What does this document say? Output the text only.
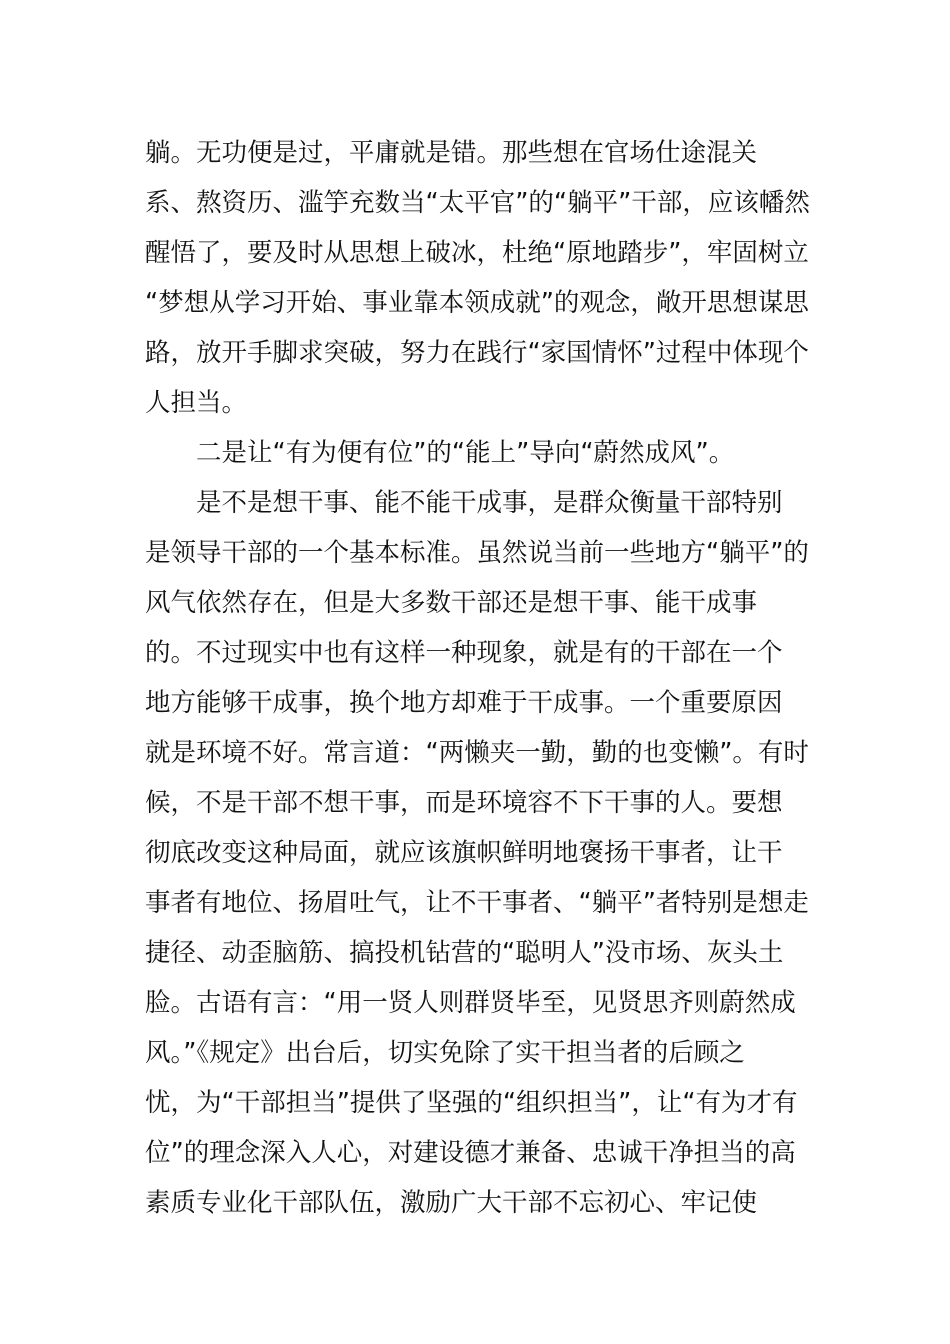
躺。无功便是过，平庸就是错。那些想在官场仕途混关
系、熬资历、滥竽充数当“太平官”的“躺平”干部，应该幡然
醒悟了，要及时从思想上破冰，杜绝“原地踏步”，牢固树立
“梦想从学习开始、事业靠本领成就”的观念，敞开思想谋思
路，放开手脚求突破，努力在践行“家国情怀”过程中体现个
人担当。
二是让“有为便有位”的“能上”导向“蔚然成风”。
是不是想干事、能不能干成事，是群众衡量干部特别
是领导干部的一个基本标准。虽然说当前一些地方“躺平”的
风气依然存在，但是大多数干部还是想干事、能干成事
的。不过现实中也有这样一种现象，就是有的干部在一个
地方能够干成事，换个地方却难于干成事。一个重要原因
就是环境不好。常言道：“两懒夹一勤，勤的也变懒”。有时
候，不是干部不想干事，而是环境容不下干事的人。要想
彻底改变这种局面，就应该旗帜鲜明地褒扬干事者，让干
事者有地位、扬眉吐气，让不干事者、“躺平”者特别是想走
捷径、动歪脑筋、搞投机钻营的“聪明人”没市场、灰头土
脸。古语有言：“用一贤人则群贤毕至，见贤思齐则蔚然成
风。”《规定》出台后，切实免除了实干担当者的后顾之
忧，为“干部担当”提供了坚强的“组织担当”，让“有为才有
位”的理念深入人心，对建设德才兼备、忠诚干净担当的高
素质专业化干部队伍，激励广大干部不忘初心、牢记使
